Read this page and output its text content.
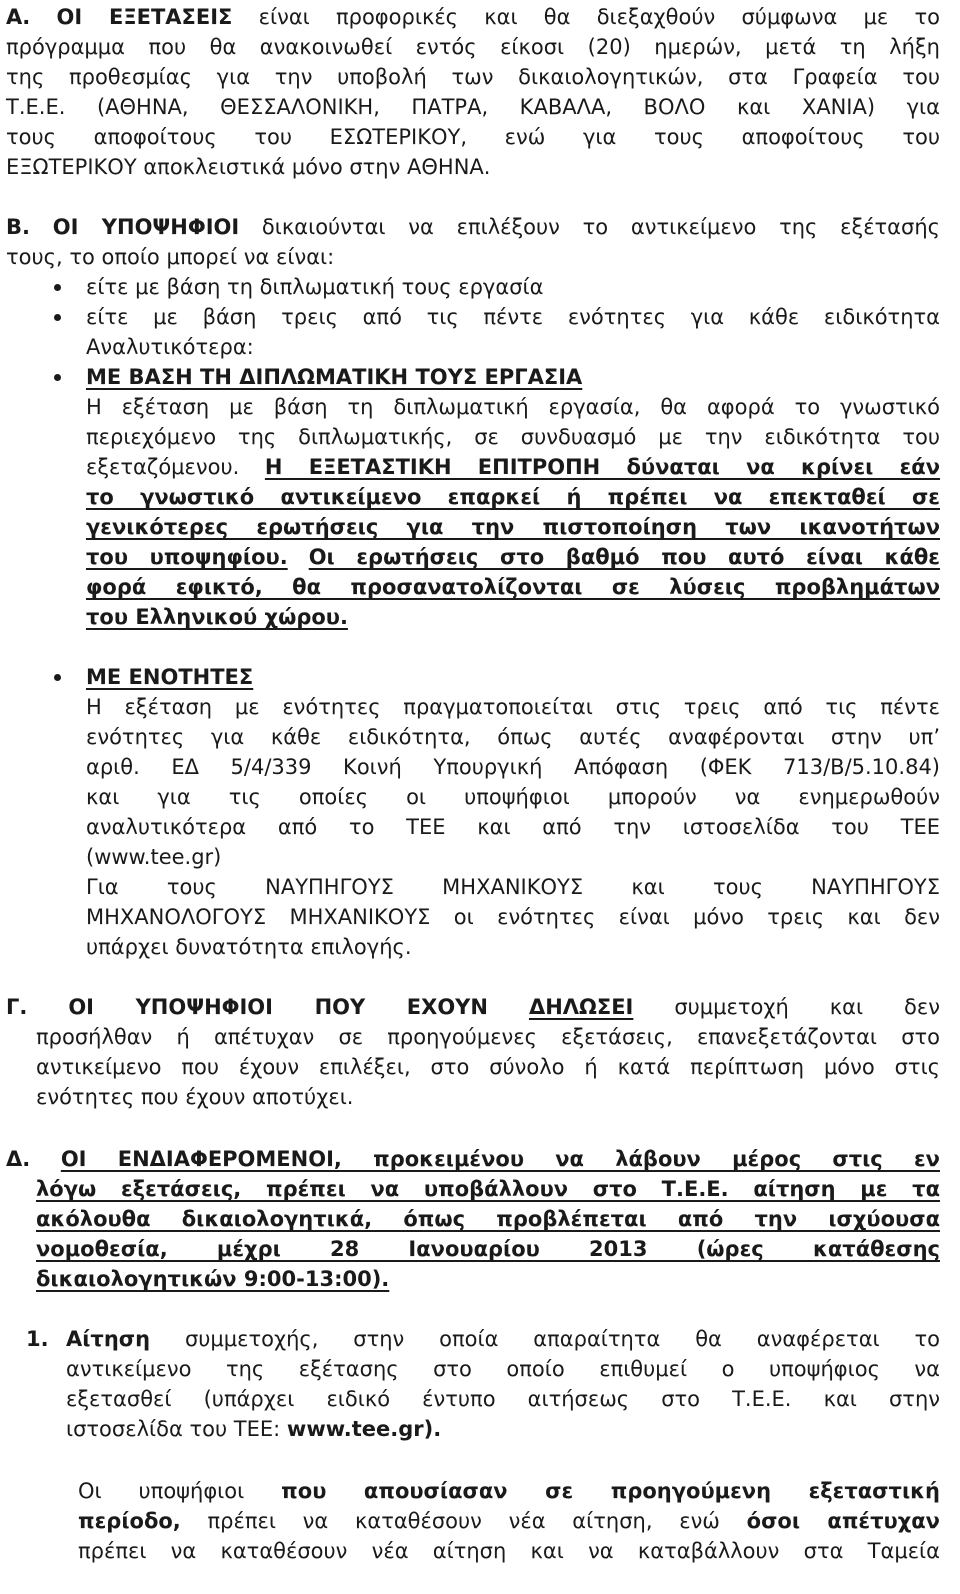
Α. ΟΙ ΕΞΕΤΑΣΕΙΣ είναι προφορικές και θα διεξαχθούν σύμφωνα με το
πρόγραμμα που θα ανακοινωθεί εντός είκοσι (20) ημερών, μετά τη λήξη
της προθεσμίας για την υποβολή των δικαιολογητικών, στα Γραφεία του
Τ.Ε.Ε. (ΑΘΗΝΑ, ΘΕΣΣΑΛΟΝΙΚΗ, ΠΑΤΡΑ, ΚΑΒΑΛΑ, ΒΟΛΟ και ΧΑΝΙΑ) για
τους αποφοίτους του ΕΣΩΤΕΡΙΚΟΥ, ενώ για τους αποφοίτους του
ΕΞΩΤΕΡΙΚΟΥ αποκλειστικά μόνο στην ΑΘΗΝΑ.
Β. ΟΙ ΥΠΟΨΗΦΙΟΙ δικαιούνται να επιλέξουν το αντικείμενο της εξέτασής
τους, το οποίο μπορεί να είναι:
είτε με βάση τη διπλωματική τους εργασία
είτε με βάση τρεις από τις πέντε ενότητες για κάθε ειδικότητα
Αναλυτικότερα:
ΜΕ ΒΑΣΗ ΤΗ ΔΙΠΛΩΜΑΤΙΚΗ ΤΟΥΣ ΕΡΓΑΣΙΑ
Η εξέταση με βάση τη διπλωματική εργασία, θα αφορά το γνωστικό
περιεχόμενο της διπλωματικής, σε συνδυασμό με την ειδικότητα του
εξεταζόμενου. Η ΕΞΕΤΑΣΤΙΚΗ ΕΠΙΤΡΟΠΗ δύναται να κρίνει εάν
το γνωστικό αντικείμενο επαρκεί ή πρέπει να επεκταθεί σε
γενικότερες ερωτήσεις για την πιστοποίηση των ικανοτήτων
του υποψηφίου. Οι ερωτήσεις στο βαθμό που αυτό είναι κάθε
φορά εφικτό, θα προσανατολίζονται σε λύσεις προβλημάτων
του Ελληνικού χώρου.
ΜΕ ΕΝΟΤΗΤΕΣ
Η εξέταση με ενότητες πραγματοποιείται στις τρεις από τις πέντε
ενότητες για κάθε ειδικότητα, όπως αυτές αναφέρονται στην υπ’
αριθ. ΕΔ 5/4/339 Κοινή Υπουργική Απόφαση (ΦΕΚ 713/Β/5.10.84)
και για τις οποίες οι υποψήφιοι μπορούν να ενημερωθούν
αναλυτικότερα από το ΤΕΕ και από την ιστοσελίδα του ΤΕΕ
(www.tee.gr)
Για τους ΝΑΥΠΗΓΟΥΣ ΜΗΧΑΝΙΚΟΥΣ και τους ΝΑΥΠΗΓΟΥΣ
ΜΗΧΑΝΟΛΟΓΟΥΣ ΜΗΧΑΝΙΚΟΥΣ οι ενότητες είναι μόνο τρεις και δεν
υπάρχει δυνατότητα επιλογής.
Γ. ΟΙ ΥΠΟΨΗΦΙΟΙ ΠΟΥ ΕΧΟΥΝ ΔΗΛΩΣΕΙ συμμετοχή και δεν
προσήλθαν ή απέτυχαν σε προηγούμενες εξετάσεις, επανεξετάζονται στο
αντικείμενο που έχουν επιλέξει, στο σύνολο ή κατά περίπτωση μόνο στις
ενότητες που έχουν αποτύχει.
Δ. ΟΙ ΕΝΔΙΑΦΕΡΟΜΕΝΟΙ, προκειμένου να λάβουν μέρος στις εν
λόγω εξετάσεις, πρέπει να υποβάλλουν στο Τ.Ε.Ε. αίτηση με τα
ακόλουθα δικαιολογητικά, όπως προβλέπεται από την ισχύουσα
νομοθεσία, μέχρι 28 Ιανουαρίου 2013 (ώρες κατάθεσης
δικαιολογητικών 9:00-13:00).
1. Αίτηση συμμετοχής, στην οποία απαραίτητα θα αναφέρεται το
αντικείμενο της εξέτασης στο οποίο επιθυμεί ο υποψήφιος να
εξετασθεί (υπάρχει ειδικό έντυπο αιτήσεως στο Τ.Ε.Ε. και στην
ιστοσελίδα του ΤΕΕ: www.tee.gr).
Οι υποψήφιοι που απουσίασαν σε προηγούμενη εξεταστική
περίοδο, πρέπει να καταθέσουν νέα αίτηση, ενώ όσοι απέτυχαν
πρέπει να καταθέσουν νέα αίτηση και να καταβάλλουν στα Ταμεία
